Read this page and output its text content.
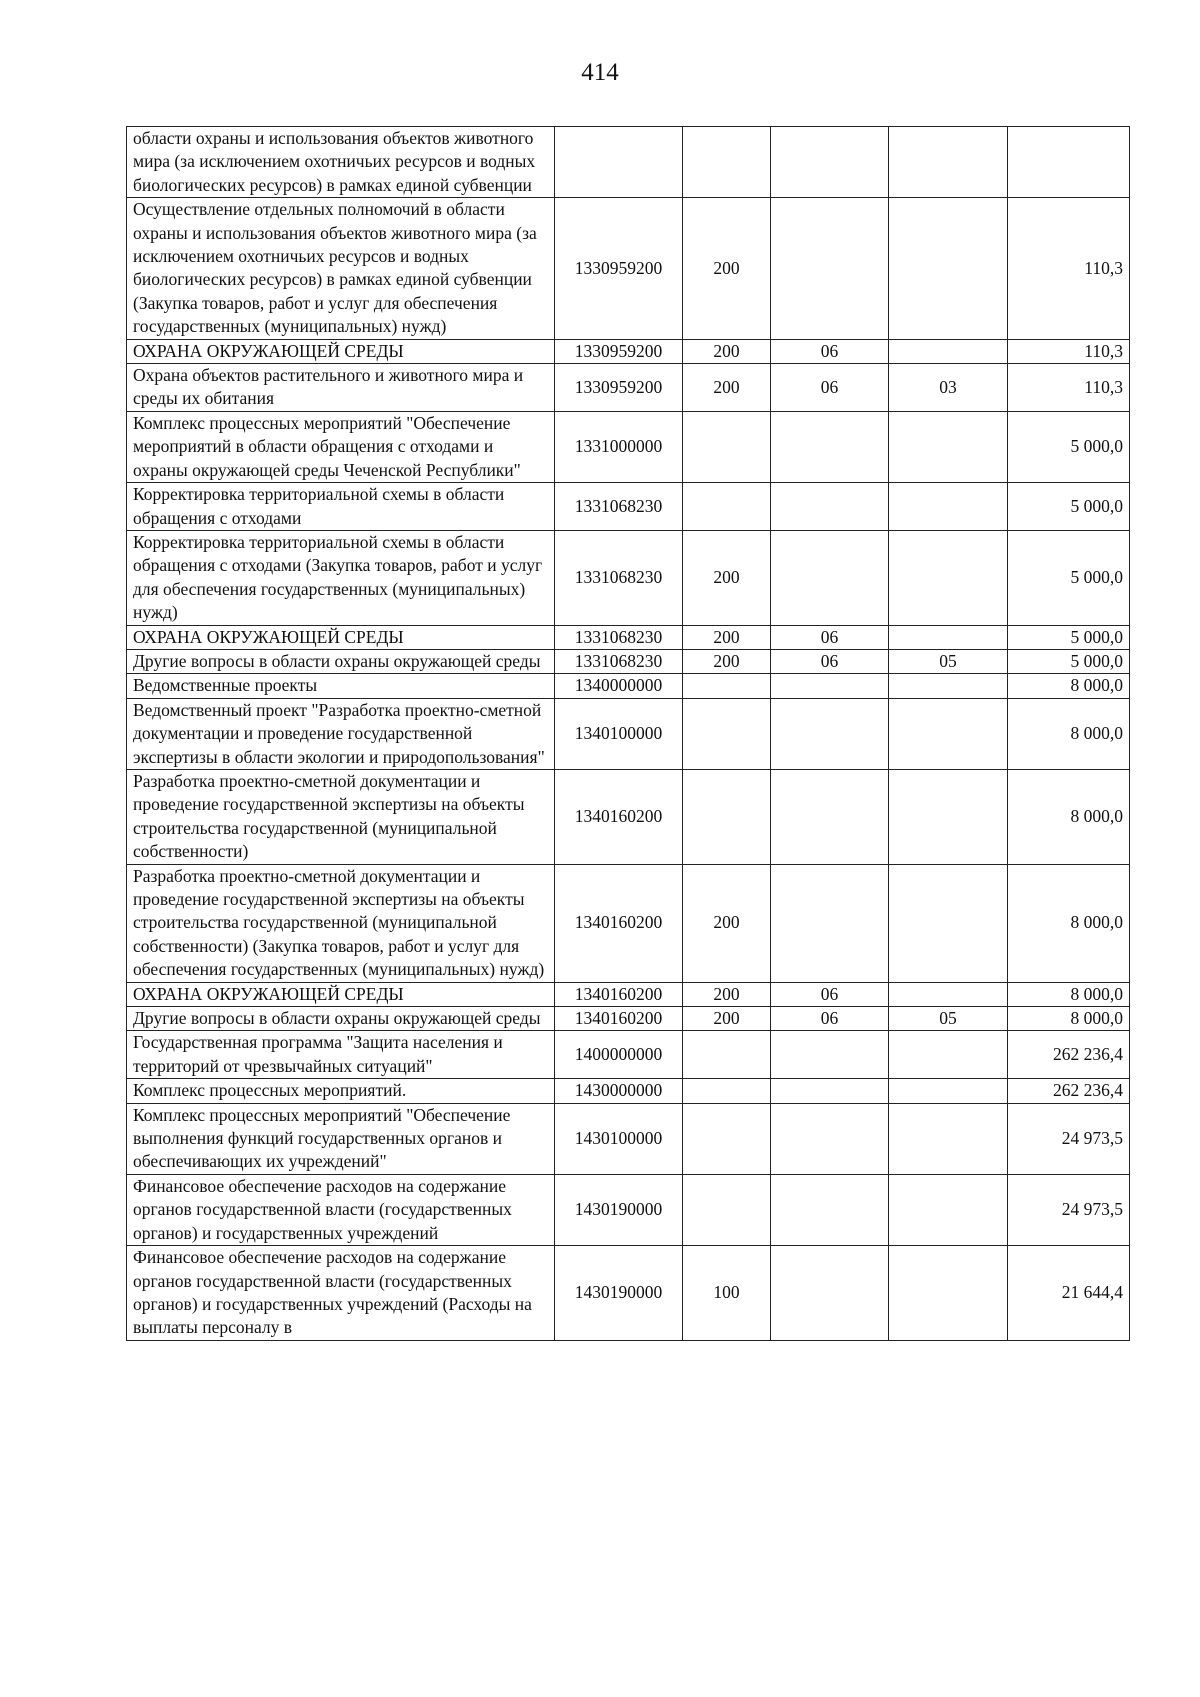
414
области охраны и использования объектов животного мира (за исключением охотничьих ресурсов и водных биологических ресурсов) в рамках единой субвенции					
Осуществление отдельных полномочий в области охраны и использования объектов животного мира (за исключением охотничьих ресурсов и водных биологических ресурсов) в рамках единой субвенции (Закупка товаров, работ и услуг для обеспечения государственных (муниципальных) нужд)	1330959200	200			110,3
ОХРАНА ОКРУЖАЮЩЕЙ СРЕДЫ	1330959200	200	06		110,3
Охрана объектов растительного и животного мира и среды их обитания	1330959200	200	06	03	110,3
Комплекс процессных мероприятий "Обеспечение мероприятий в области обращения с отходами и охраны окружающей среды Чеченской Республики"	1331000000				5 000,0
Корректировка территориальной схемы в области обращения с отходами	1331068230				5 000,0
Корректировка территориальной схемы в области обращения с отходами (Закупка товаров, работ и услуг для обеспечения государственных (муниципальных) нужд)	1331068230	200			5 000,0
ОХРАНА ОКРУЖАЮЩЕЙ СРЕДЫ	1331068230	200	06		5 000,0
Другие вопросы в области охраны окружающей среды	1331068230	200	06	05	5 000,0
Ведомственные проекты	1340000000				8 000,0
Ведомственный проект "Разработка проектно-сметной документации и проведение государственной экспертизы в области экологии и природопользования"	1340100000				8 000,0
Разработка проектно-сметной документации и проведение государственной экспертизы на объекты строительства государственной (муниципальной собственности)	1340160200				8 000,0
Разработка проектно-сметной документации и проведение государственной экспертизы на объекты строительства государственной (муниципальной собственности) (Закупка товаров, работ и услуг для обеспечения государственных (муниципальных) нужд)	1340160200	200			8 000,0
ОХРАНА ОКРУЖАЮЩЕЙ СРЕДЫ	1340160200	200	06		8 000,0
Другие вопросы в области охраны окружающей среды	1340160200	200	06	05	8 000,0
Государственная программа "Защита населения и территорий от чрезвычайных ситуаций"	1400000000				262 236,4
Комплекс процессных мероприятий.	1430000000				262 236,4
Комплекс процессных мероприятий "Обеспечение выполнения функций государственных органов и обеспечивающих их учреждений"	1430100000				24 973,5
Финансовое обеспечение расходов на содержание органов государственной власти (государственных органов) и государственных учреждений	1430190000				24 973,5
Финансовое обеспечение расходов на содержание органов государственной власти (государственных органов) и государственных учреждений (Расходы на выплаты персоналу в	1430190000	100			21 644,4
